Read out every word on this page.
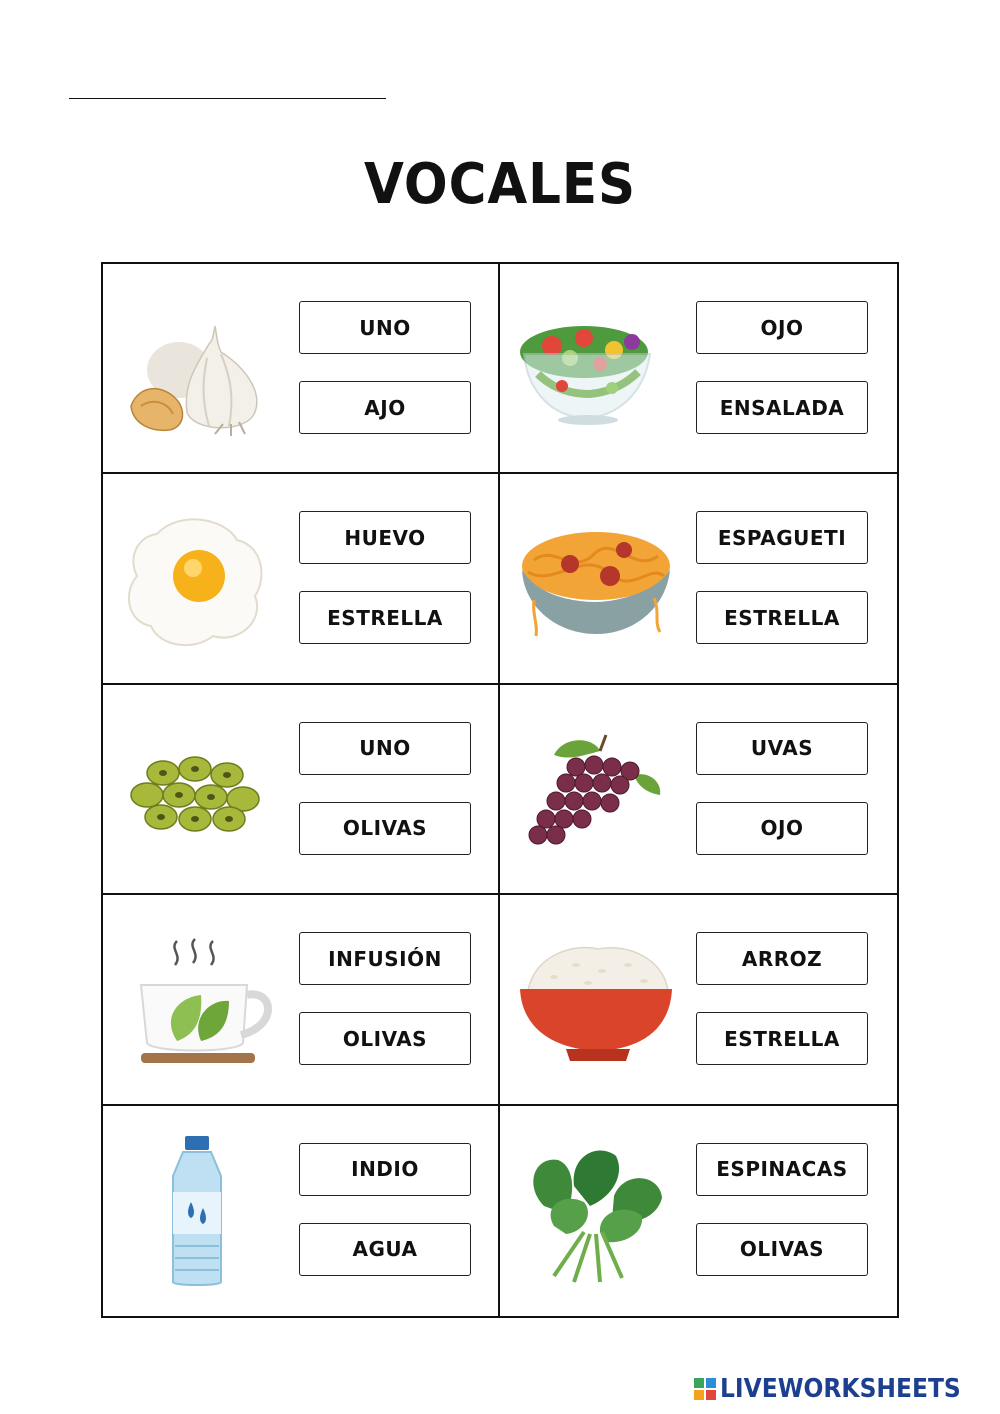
VOCALES
UNO
AJO
OJO
ENSALADA
HUEVO
ESTRELLA
ESPAGUETI
ESTRELLA
UNO
OLIVAS
UVAS
OJO
INFUSIÓN
OLIVAS
ARROZ
ESTRELLA
INDIO
AGUA
ESPINACAS
OLIVAS
LIVEWORKSHEETS
